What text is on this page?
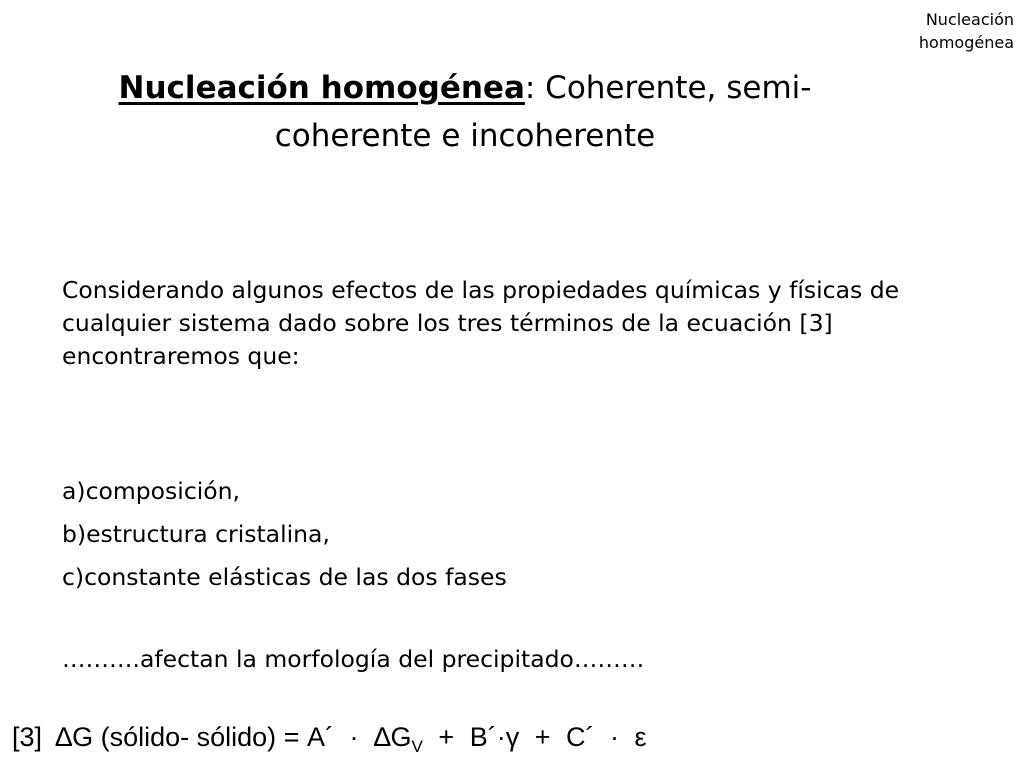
Nucleación
homogénea
Nucleación homogénea: Coherente, semi-
coherente e incoherente

Considerando algunos efectos de las propiedades químicas y físicas de cualquier sistema dado sobre los tres términos de la ecuación [3] encontraremos que:

a)composición,
b)estructura cristalina,
c)constante elásticas de las dos fases

……….afectan la morfología del precipitado………

[3] ∆G (sólido- sólido) = A´ · ∆GV + B´·γ + C´ · ε
